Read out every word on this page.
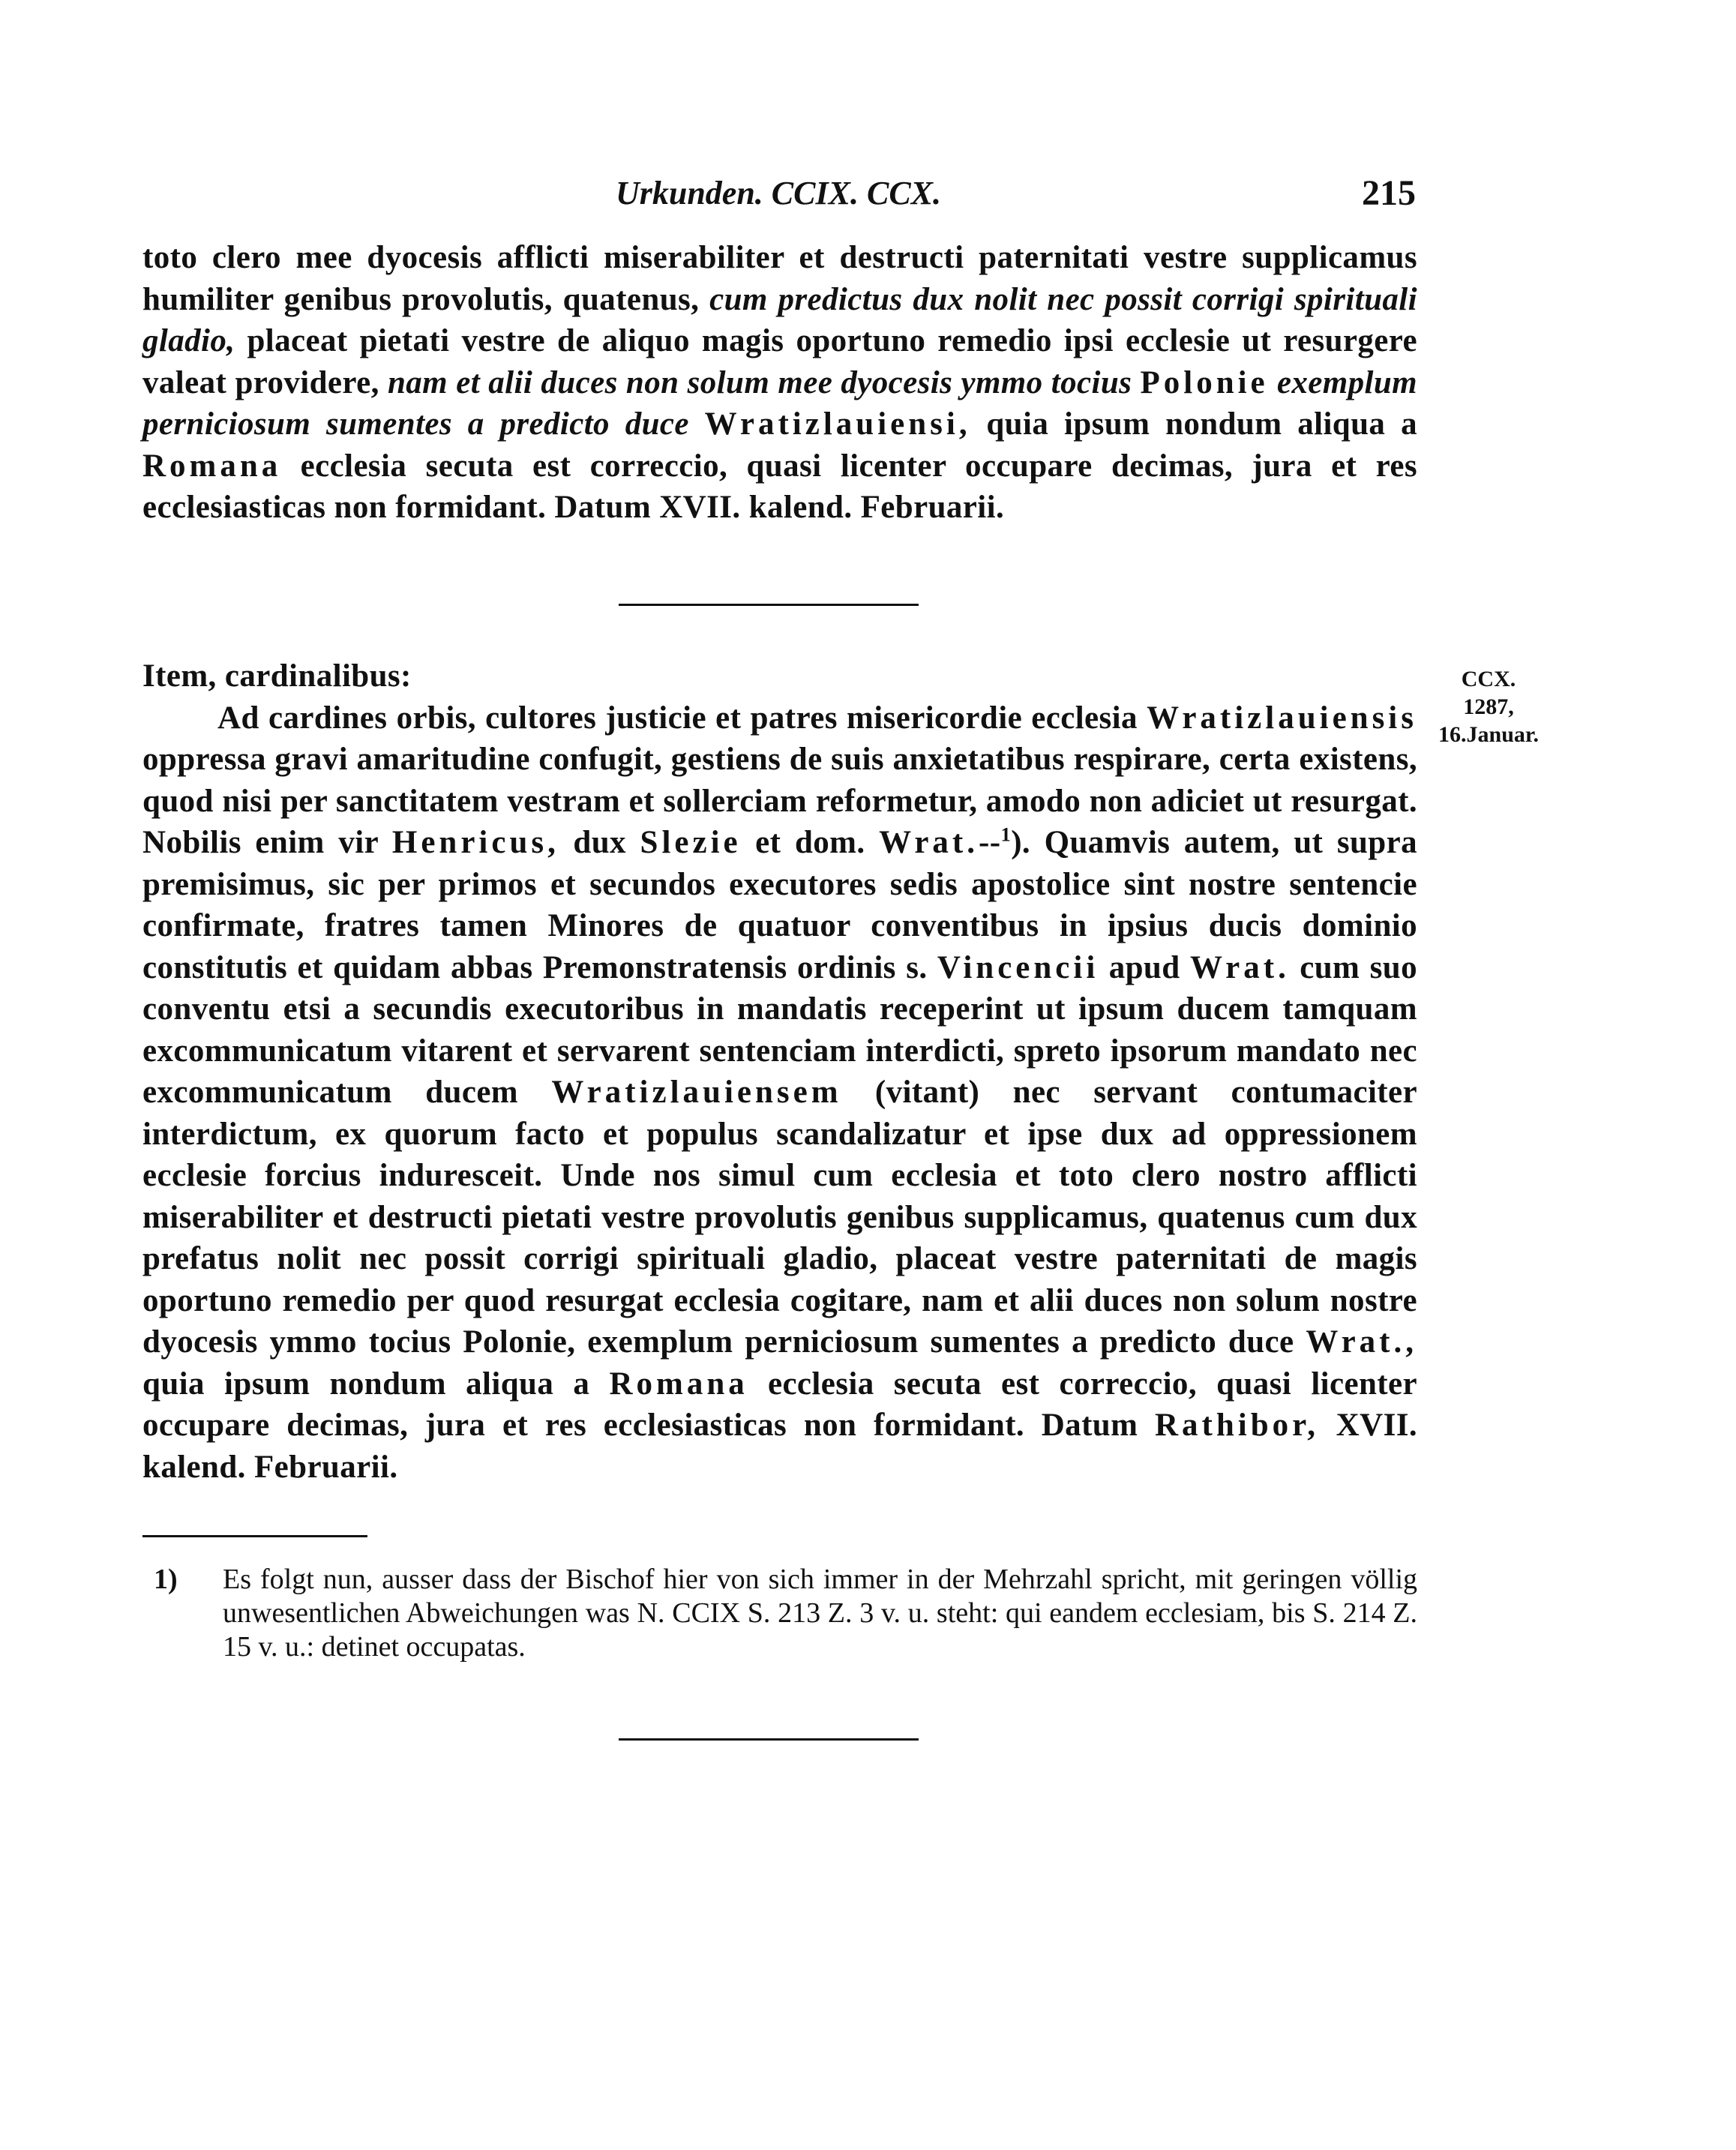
Urkunden. CCIX. CCX.	215

toto clero mee dyocesis afflicti miserabiliter et destructi paternitati vestre supplicamus humiliter genibus provolutis, quatenus, cum predictus dux nolit nec possit corrigi spirituali gladio, placeat pietati vestre de aliquo magis oportuno remedio ipsi ecclesie ut resurgere valeat providere, nam et alii duces non solum mee dyocesis ymmo tocius Polonie exemplum perniciosum sumentes a predicto duce Wratizlauiensi, quia ipsum nondum aliqua a Romana ecclesia secuta est correccio, quasi licenter occupare decimas, jura et res ecclesiasticas non formidant. Datum XVII. kalend. Februarii.

CCX.
1287,
16.Januar.

Item, cardinalibus:

Ad cardines orbis, cultores justicie et patres misericordie ecclesia Wratizlauiensis oppressa gravi amaritudine confugit, gestiens de suis anxietatibus respirare, certa existens, quod nisi per sanctitatem vestram et sollerciam reformetur, amodo non adiciet ut resurgat. Nobilis enim vir Henricus, dux Slezie et dom. Wrat.--$^1$). Quamvis autem, ut supra premisimus, sic per primos et secundos executores sedis apostolice sint nostre sentencie confirmate, fratres tamen Minores de quatuor conventibus in ipsius ducis dominio constitutis et quidam abbas Premonstratensis ordinis s. Vincencii apud Wrat. cum suo conventu etsi a secundis executoribus in mandatis receperint ut ipsum ducem tamquam excommunicatum vitarent et servarent sentenciam interdicti, spreto ipsorum mandato nec excommunicatum ducem Wratizlauiensem (vitant) nec servant contumaciter interdictum, ex quorum facto et populus scandalizatur et ipse dux ad oppressionem ecclesie forcius induresceit. Unde nos simul cum ecclesia et toto clero nostro afflicti miserabiliter et destructi pietati vestre provolutis genibus supplicamus, quatenus cum dux prefatus nolit nec possit corrigi spirituali gladio, placeat vestre paternitati de magis oportuno remedio per quod resurgat ecclesia cogitare, nam et alii duces non solum nostre dyocesis ymmo tocius Polonie, exemplum perniciosum sumentes a predicto duce Wrat., quia ipsum nondum aliqua a Romana ecclesia secuta est correccio, quasi licenter occupare decimas, jura et res ecclesiasticas non formidant. Datum Rathibor, XVII. kalend. Februarii.

1) Es folgt nun, ausser dass der Bischof hier von sich immer in der Mehrzahl spricht, mit geringen völlig unwesentlichen Abweichungen was N. CCIX S. 213 Z. 3 v. u. steht: qui eandem ecclesiam, bis S. 214 Z. 15 v. u.: detinet occupatas.
